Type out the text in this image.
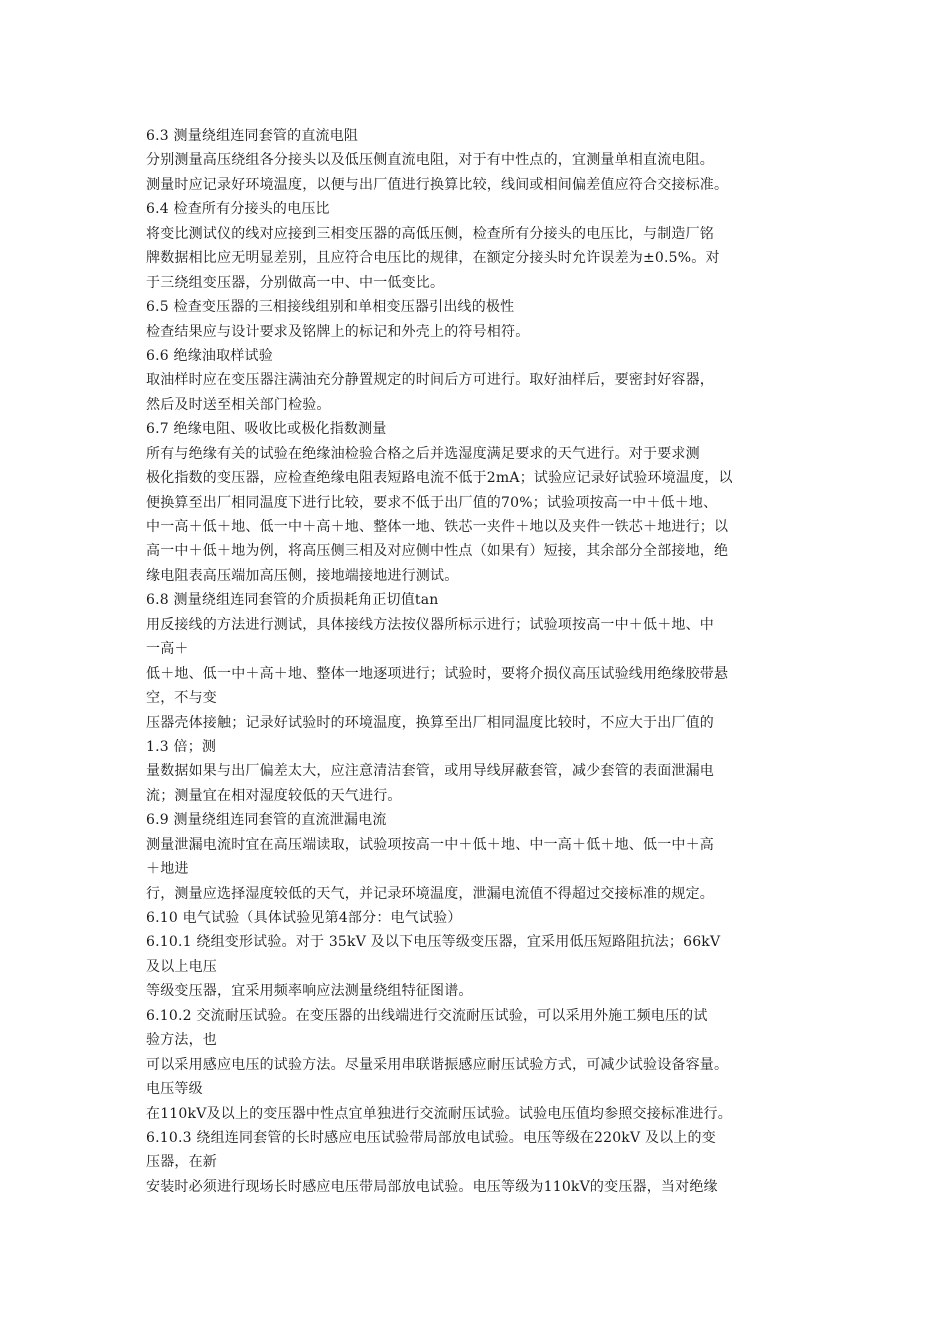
6.3 测量绕组连同套管的直流电阻
分别测量高压绕组各分接头以及低压侧直流电阻，对于有中性点的，宜测量单相直流电阻。
测量时应记录好环境温度，以便与出厂值进行换算比较，线间或相间偏差值应符合交接标准。
6.4 检查所有分接头的电压比
将变比测试仪的线对应接到三相变压器的高低压侧，检查所有分接头的电压比，与制造厂铭
牌数据相比应无明显差别，且应符合电压比的规律，在额定分接头时允许误差为±0.5%。对
于三绕组变压器，分别做高一中、中一低变比。
6.5 检查变压器的三相接线组别和单相变压器引出线的极性
检查结果应与设计要求及铭牌上的标记和外壳上的符号相符。
6.6 绝缘油取样试验
取油样时应在变压器注满油充分静置规定的时间后方可进行。取好油样后，要密封好容器，
然后及时送至相关部门检验。
6.7 绝缘电阻、吸收比或极化指数测量
所有与绝缘有关的试验在绝缘油检验合格之后并选湿度满足要求的天气进行。对于要求测
极化指数的变压器，应检查绝缘电阻表短路电流不低于2mA；试验应记录好试验环境温度，以
便换算至出厂相同温度下进行比较，要求不低于出厂值的70%；试验项按高一中＋低＋地、
中一高＋低＋地、低一中＋高＋地、整体一地、铁芯一夹件＋地以及夹件一铁芯＋地进行；以
高一中＋低＋地为例，将高压侧三相及对应侧中性点（如果有）短接，其余部分全部接地，绝
缘电阻表高压端加高压侧，接地端接地进行测试。
6.8 测量绕组连同套管的介质损耗角正切值tan
用反接线的方法进行测试，具体接线方法按仪器所标示进行；试验项按高一中＋低＋地、中
一高＋
低＋地、低一中＋高＋地、整体一地逐项进行；试验时，要将介损仪高压试验线用绝缘胶带悬
空，不与变
压器壳体接触；记录好试验时的环境温度，换算至出厂相同温度比较时，不应大于出厂值的
1.3 倍；测
量数据如果与出厂偏差太大，应注意清洁套管，或用导线屏蔽套管，减少套管的表面泄漏电
流；测量宜在相对湿度较低的天气进行。
6.9 测量绕组连同套管的直流泄漏电流
测量泄漏电流时宜在高压端读取，试验项按高一中＋低＋地、中一高＋低＋地、低一中＋高
＋地进
行，测量应选择湿度较低的天气，并记录环境温度，泄漏电流值不得超过交接标准的规定。
6.10 电气试验（具体试验见第4部分：电气试验）
6.10.1 绕组变形试验。对于 35kV 及以下电压等级变压器，宜采用低压短路阻抗法；66kV
及以上电压
等级变压器，宜采用频率响应法测量绕组特征图谱。
6.10.2 交流耐压试验。在变压器的出线端进行交流耐压试验，可以采用外施工频电压的试
验方法，也
可以采用感应电压的试验方法。尽量采用串联谐振感应耐压试验方式，可减少试验设备容量。
电压等级
在110kV及以上的变压器中性点宜单独进行交流耐压试验。试验电压值均参照交接标准进行。
6.10.3 绕组连同套管的长时感应电压试验带局部放电试验。电压等级在220kV 及以上的变
压器，在新
安装时必须进行现场长时感应电压带局部放电试验。电压等级为110kV的变压器，当对绝缘
